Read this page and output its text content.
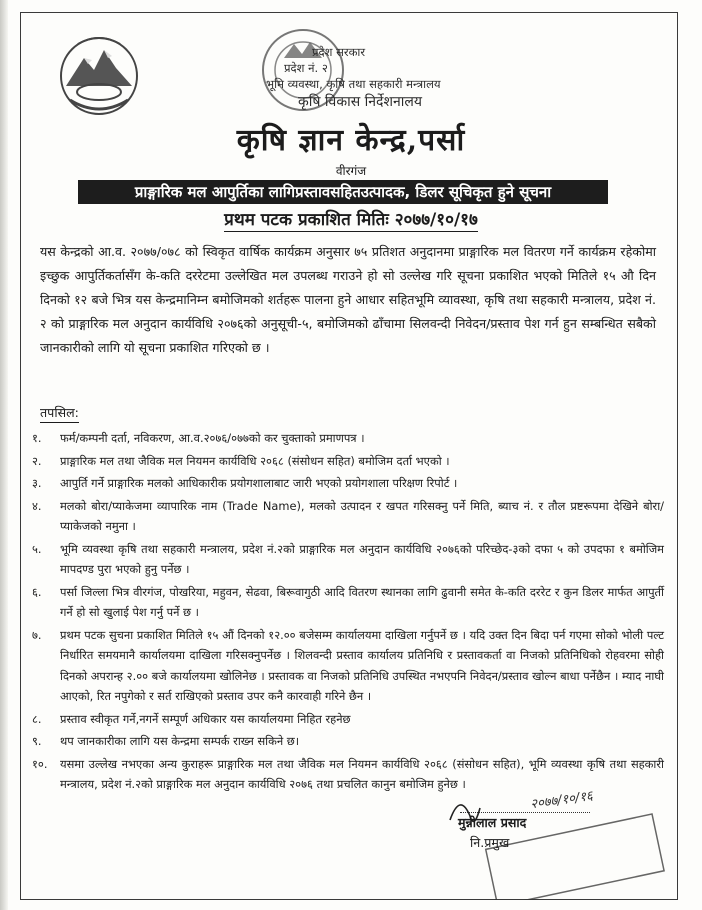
प्रदेश सरकार
प्रदेश नं. २
भूमि व्यवस्था, कृषि तथा सहकारी मन्त्रालय
कृषि विकास निर्देशनालय
कृषि ज्ञान केन्द्र,पर्सा
वीरगंज
प्राङ्गारिक मल आपुर्तिका लागिप्रस्तावसहितउत्पादक, डिलर सूचिकृत हुने सूचना
प्रथम पटक प्रकाशित मितिः २०७७/१०/१७
यस केन्द्रको आ.व. २०७७/०७८ को स्विकृत वार्षिक कार्यक्रम अनुसार ७५ प्रतिशत अनुदानमा प्राङ्गारिक मल वितरण गर्ने कार्यक्रम रहेकोमा इच्छुक आपुर्तिकर्तासँग के-कति दररेटमा उल्लेखित मल उपलब्ध गराउने हो सो उल्लेख गरि सूचना प्रकाशित भएको मितिले १५ औ दिन दिनको १२ बजे भित्र यस केन्द्रमानिम्न बमोजिमको शर्तहरू पालना हुने आधार सहितभूमि व्यावस्था, कृषि तथा सहकारी मन्त्रालय, प्रदेश नं. २ को प्राङ्गारिक मल अनुदान कार्यविधि २०७६को अनुसूची-५, बमोजिमको ढाँचामा सिलवन्दी निवेदन/प्रस्ताव पेश गर्न हुन सम्बन्धित सबैको जानकारीको लागि यो सूचना प्रकाशित गरिएको छ ।
तपसिल:
१.	फर्म/कम्पनी दर्ता, नविकरण, आ.व.२०७६/०७७को कर चुक्ताको प्रमाणपत्र ।
२.	प्राङ्गारिक मल तथा जैविक मल नियमन कार्यविधि २०६८ (संसोधन सहित) बमोजिम दर्ता भएको ।
३.	आपुर्ति गर्ने प्राङ्गारिक मलको आधिकारीक प्रयोगशालाबाट जारी भएको प्रयोगशाला परिक्षण रिपोर्ट ।
४.	मलको बोरा/प्याकेजमा व्यापारिक नाम (Trade Name), मलको उत्पादन र खपत गरिसक्नु पर्ने मिति, ब्याच नं. र तौल प्रष्टरूपमा देखिने बोरा/प्याकेजको नमुना ।
५.	भूमि व्यवस्था कृषि तथा सहकारी मन्त्रालय, प्रदेश नं.२को प्राङ्गारिक मल अनुदान कार्यविधि २०७६को परिच्छेद-३को दफा ५ को उपदफा १ बमोजिम मापदण्ड पुरा भएको हुनु पर्नेछ ।
६.	पर्सा जिल्ला भित्र वीरगंज, पोखरिया, महुवन, सेढवा, बिरूवागुठी आदि वितरण स्थानका लागि ढुवानी समेत के-कति दररेट र कुन डिलर मार्फत आपुर्ती गर्ने हो सो खुलाई पेश गर्नु पर्ने छ ।
७.	प्रथम पटक सुचना प्रकाशित मितिले १५ औं दिनको १२.०० बजेसम्म कार्यालयमा दाखिला गर्नुपर्ने छ । यदि उक्त दिन बिदा पर्न गएमा सोको भोली पल्ट निर्धारित समयमानै कार्यालयमा दाखिला गरिसक्नुपर्नेछ । शिलवन्दी प्रस्ताव कार्यालय प्रतिनिधि र प्रस्तावकर्ता वा निजको प्रतिनिधिको रोहवरमा सोही दिनको अपरान्ह २.०० बजे कार्यालयमा खोलिनेछ । प्रस्तावक वा निजको प्रतिनिधि उपस्थित नभएपनि निवेदन/प्रस्ताव खोल्न बाधा पर्नेछैन । म्याद नाघी आएको, रित नपुगेको र सर्त राखिएको प्रस्ताव उपर कनै कारवाही गरिने छैन ।
८.	प्रस्ताव स्वीकृत गर्ने,नगर्ने सम्पूर्ण अधिकार यस कार्यालयमा निहित रहनेछ
९.	थप जानकारीका लागि यस केन्द्रमा सम्पर्क राख्न सकिने छ।
१०.	यसमा उल्लेख नभएका अन्य कुराहरू प्राङ्गारिक मल तथा जैविक मल नियमन कार्यविधि २०६८ (संसोधन सहित), भूमि व्यवस्था कृषि तथा सहकारी मन्त्रालय, प्रदेश नं.२को प्राङ्गारिक मल अनुदान कार्यविधि २०७६ तथा प्रचलित कानुन बमोजिम हुनेछ ।
२०७७/१०/१६
मुन्नीलाल प्रसाद
नि.प्रमुख
